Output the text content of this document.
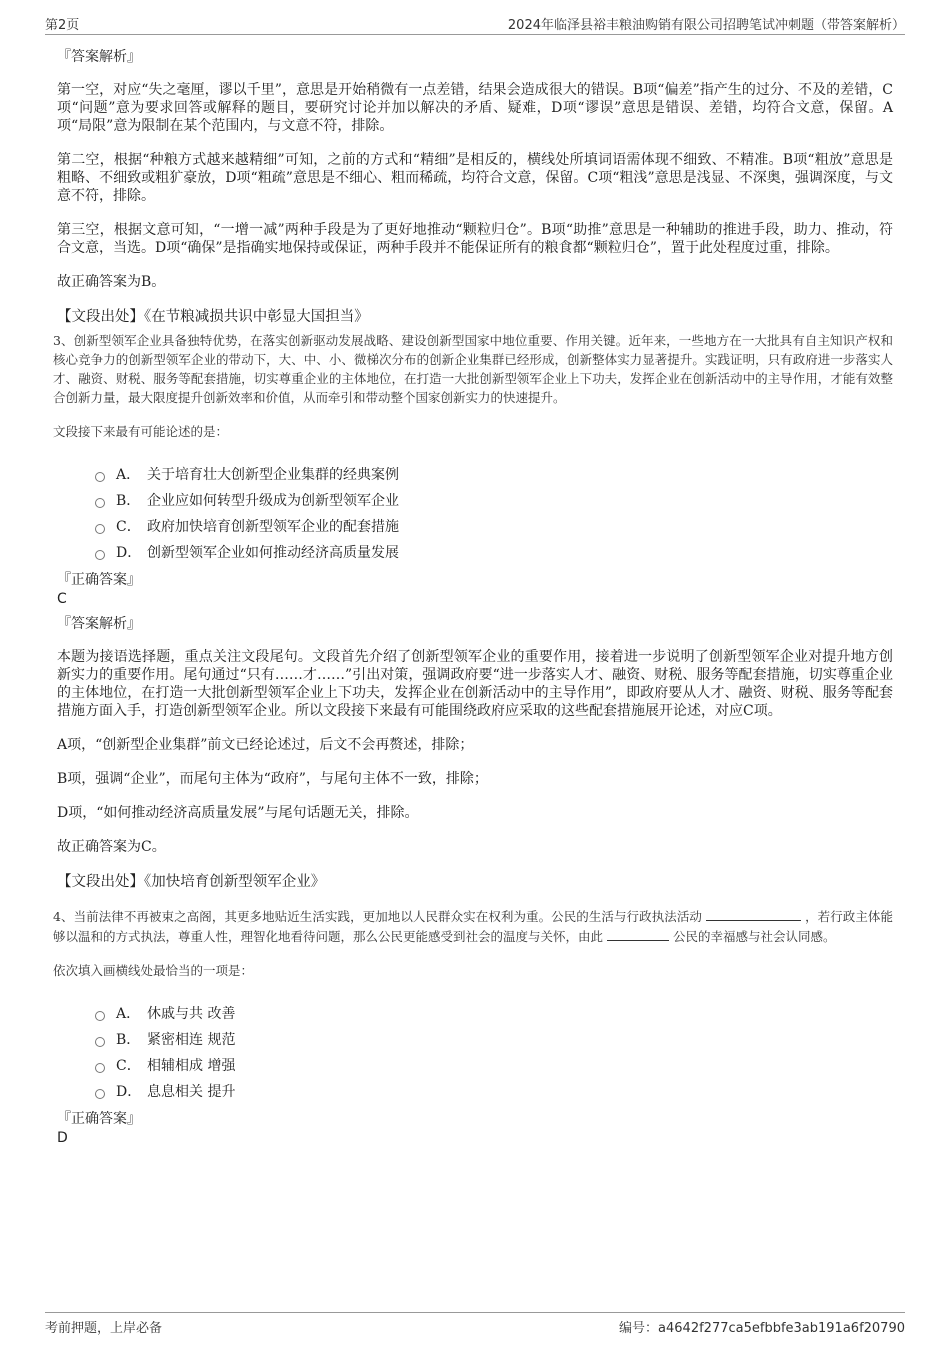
第2页	2024年临泽县裕丰粮油购销有限公司招聘笔试冲刺题（带答案解析）
『答案解析』
第一空，对应“失之毫厘，谬以千里”，意思是开始稍微有一点差错，结果会造成很大的错误。B项“偏差”指产生的过分、不及的差错，C项“问题”意为要求回答或解释的题目，要研究讨论并加以解决的矛盾、疑难，D项“谬误”意思是错误、差错，均符合文意，保留。A项“局限”意为限制在某个范围内，与文意不符，排除。
第二空，根据“种粮方式越来越精细”可知，之前的方式和“精细”是相反的，横线处所填词语需体现不细致、不精准。B项“粗放”意思是粗略、不细致或粗犷豪放，D项“粗疏”意思是不细心、粗而稀疏，均符合文意，保留。C项“粗浅”意思是浅显、不深奥，强调深度，与文意不符，排除。
第三空，根据文意可知，“一增一减”两种手段是为了更好地推动“颗粒归仓”。B项“助推”意思是一种辅助的推进手段，助力、推动，符合文意，当选。D项“确保”是指确实地保持或保证，两种手段并不能保证所有的粮食都“颗粒归仓”，置于此处程度过重，排除。
故正确答案为B。
【文段出处】《在节粮减损共识中彰显大国担当》
3、创新型领军企业具备独特优势，在落实创新驱动发展战略、建设创新型国家中地位重要、作用关键。近年来，一些地方在一大批具有自主知识产权和核心竞争力的创新型领军企业的带动下，大、中、小、微梯次分布的创新企业集群已经形成，创新整体实力显著提升。实践证明，只有政府进一步落实人才、融资、财税、服务等配套措施，切实尊重企业的主体地位，在打造一大批创新型领军企业上下功夫，发挥企业在创新活动中的主导作用，才能有效整合创新力量，最大限度提升创新效率和价值，从而牵引和带动整个国家创新实力的快速提升。
文段接下来最有可能论述的是：
A． 关于培育壮大创新型企业集群的经典案例
B． 企业应如何转型升级成为创新型领军企业
C． 政府加快培育创新型领军企业的配套措施
D． 创新型领军企业如何推动经济高质量发展
『正确答案』
C
『答案解析』
本题为接语选择题，重点关注文段尾句。文段首先介绍了创新型领军企业的重要作用，接着进一步说明了创新型领军企业对提升地方创新实力的重要作用。尾句通过“只有……才……”引出对策，强调政府要“进一步落实人才、融资、财税、服务等配套措施，切实尊重企业的主体地位，在打造一大批创新型领军企业上下功夫，发挥企业在创新活动中的主导作用”，即政府要从人才、融资、财税、服务等配套措施方面入手，打造创新型领军企业。所以文段接下来最有可能围绕政府应采取的这些配套措施展开论述，对应C项。
A项，“创新型企业集群”前文已经论述过，后文不会再赘述，排除；
B项，强调“企业”，而尾句主体为“政府”，与尾句主体不一致，排除；
D项，“如何推动经济高质量发展”与尾句话题无关，排除。
故正确答案为C。
【文段出处】《加快培育创新型领军企业》
4、当前法律不再被束之高阁，其更多地贴近生活实践，更加地以人民群众实在权利为重。公民的生活与行政执法活动	，若行政主体能够以温和的方式执法，尊重人性，理智化地看待问题，那么公民更能感受到社会的温度与关怀，由此	公民的幸福感与社会认同感。
依次填入画横线处最恰当的一项是：
A． 休戚与共 改善
B． 紧密相连 规范
C． 相辅相成 增强
D． 息息相关 提升
『正确答案』
D
考前押题，上岸必备	编号：a4642f277ca5efbbfe3ab191a6f20790
